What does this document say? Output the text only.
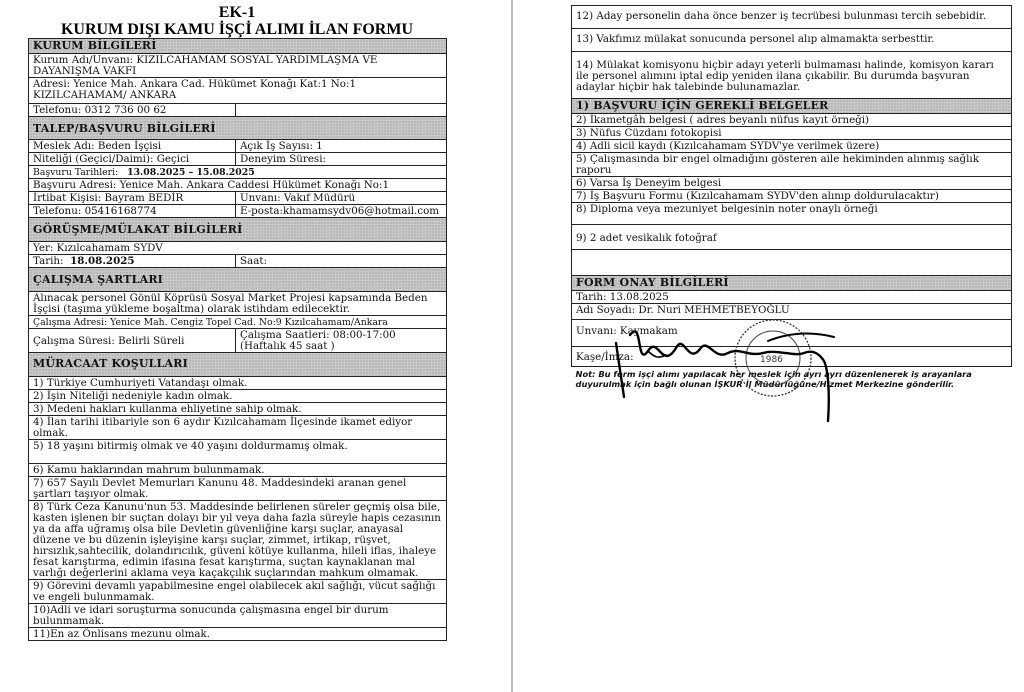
EK-1
KURUM DIŞI KAMU İŞÇİ ALIMI İLAN FORMU
KURUM BİLGİLERİ	
Kurum Adı/Unvanı: KIZILCAHAMAM SOSYAL YARDIMLAŞMA VE DAYANIŞMA VAKFI	
Adresi: Yenice Mah. Ankara Cad. Hükümet Konağı Kat:1 No:1 KIZILCAHAMAM/ ANKARA	
Telefonu: 0312 736 00 62	
TALEP/BAŞVURU BİLGİLERİ	
Meslek Adı: Beden İşçisi	Açık İş Sayısı: 1
Niteliği (Geçici/Daimi): Geçici	Deneyim Süresi:
Başvuru Tarihleri: 13.08.2025 – 15.08.2025	
Başvuru Adresi: Yenice Mah. Ankara Caddesi Hükümet Konağı No:1	
İrtibat Kişisi: Bayram BEDİR	Unvanı: Vakıf Müdürü
Telefonu: 05416168774	E-posta:khamamsydv06@hotmail.com
GÖRÜŞME/MÜLAKAT BİLGİLERİ	
Yer: Kızılcahamam SYDV	
Tarih: 18.08.2025	Saat:
ÇALIŞMA ŞARTLARI	
Alınacak personel Gönül Köprüsü Sosyal Market Projesi kapsamında Beden İşçisi (taşıma yükleme boşaltma) olarak istihdam edilecektir.	
Çalışma Adresi: Yenice Mah. Cengiz Topel Cad. No:9 Kızılcahamam/Ankara	
Çalışma Süresi: Belirli Süreli	Çalışma Saatleri: 08:00-17:00 (Haftalık 45 saat )
MÜRACAAT KOŞULLARI	
1) Türkiye Cumhuriyeti Vatandaşı olmak.	
2) İşin Niteliği nedeniyle kadın olmak.	
3) Medeni hakları kullanma ehliyetine sahip olmak.	
4) İlan tarihi itibariyle son 6 aydır Kızılcahamam İlçesinde ikamet ediyor olmak.	
5) 18 yaşını bitirmiş olmak ve 40 yaşını doldurmamış olmak.	
6) Kamu haklarından mahrum bulunmamak.	
7) 657 Sayılı Devlet Memurları Kanunu 48. Maddesindeki aranan genel şartları taşıyor olmak.	
8) Türk Ceza Kanunu'nun 53. Maddesinde belirlenen süreler geçmiş olsa bile, kasten işlenen bir suçtan dolayı bir yıl veya daha fazla süreyle hapis cezasının ya da affa uğramış olsa bile Devletin güvenliğine karşı suçlar, anayasal düzene ve bu düzenin işleyişine karşı suçlar, zimmet, irtikap, rüşvet, hırsızlık,sahtecilik, dolandırıcılık, güveni kötüye kullanma, hileli iflas, ihaleye fesat karıştırma, edimin ifasına fesat karıştırma, suçtan kaynaklanan mal varlığı değerlerini aklama veya kaçakçılık suçlarından mahkum olmamak.	
9) Görevini devamlı yapabilmesine engel olabilecek akıl sağlığı, vücut sağlığı ve engeli bulunmamak.	
10)Adli ve idari soruşturma sonucunda çalışmasına engel bir durum bulunmamak.	
11)En az Önlisans mezunu olmak.	
12) Aday personelin daha önce benzer iş tecrübesi bulunması tercih sebebidir.
13) Vakfımız mülakat sonucunda personel alıp almamakta serbesttir.
14) Mülakat komisyonu hiçbir adayı yeterli bulmaması halinde, komisyon kararı ile personel alımını iptal edip yeniden ilana çıkabilir. Bu durumda başvuran adaylar hiçbir hak talebinde bulunamazlar.
1) BAŞVURU İÇİN GEREKLİ BELGELER
2) İkametgâh belgesi ( adres beyanlı nüfus kayıt örneği)
3) Nüfus Cüzdanı fotokopisi
4) Adli sicil kaydı (Kızılcahamam SYDV'ye verilmek üzere)
5) Çalışmasında bir engel olmadığını gösteren aile hekiminden alınmış sağlık raporu
6) Varsa İş Deneyim belgesi
7) İş Başvuru Formu (Kızılcahamam SYDV'den alınıp doldurulacaktır)
8) Diploma veya mezuniyet belgesinin noter onaylı örneği
9) 2 adet vesikalık fotoğraf

FORM ONAY BİLGİLERİ
Tarih: 13.08.2025
Adı Soyadı: Dr. Nuri MEHMETBEYOĞLU
Unvanı: Kaymakam
Kaşe/İmza:

Not: Bu form işçi alımı yapılacak her meslek için ayrı ayrı düzenlenerek iş arayanlara duyurulmak için bağlı olunan İŞKUR İl Müdürlüğüne/Hizmet Merkezine gönderilir.
1986
